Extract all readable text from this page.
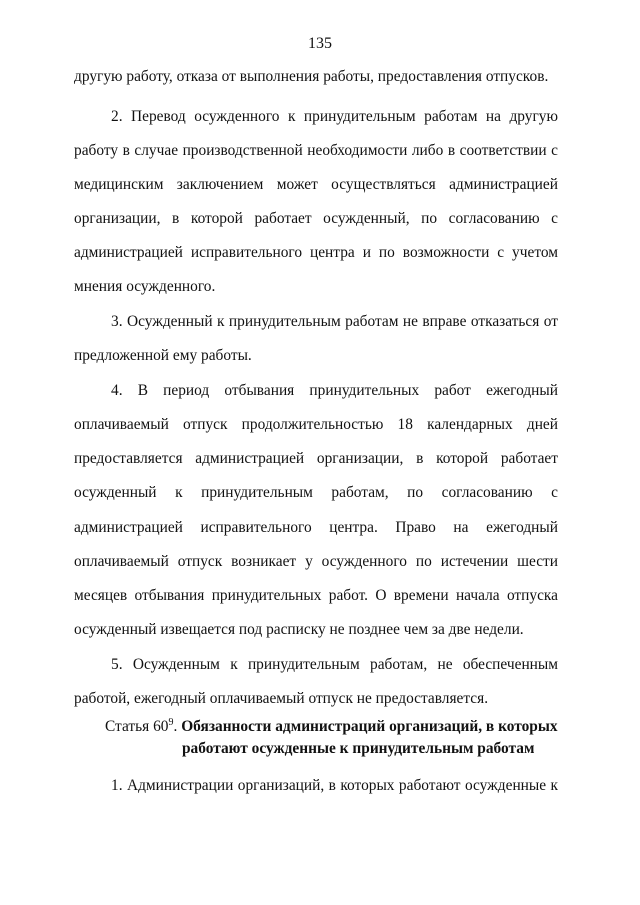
135
другую работу, отказа от выполнения работы, предоставления отпусков.
2. Перевод осужденного к принудительным работам на другую
работу в случае производственной необходимости либо в соответствии с
медицинским заключением может осуществляться администрацией
организации, в которой работает осужденный, по согласованию с
администрацией исправительного центра и по возможности с учетом
мнения осужденного.
3. Осужденный к принудительным работам не вправе отказаться от
предложенной ему работы.
4. В период отбывания принудительных работ ежегодный
оплачиваемый отпуск продолжительностью 18 календарных дней
предоставляется администрацией организации, в которой работает
осужденный к принудительным работам, по согласованию с
администрацией исправительного центра. Право на ежегодный
оплачиваемый отпуск возникает у осужденного по истечении шести
месяцев отбывания принудительных работ. О времени начала отпуска
осужденный извещается под расписку не позднее чем за две недели.
5. Осужденным к принудительным работам, не обеспеченным
работой, ежегодный оплачиваемый отпуск не предоставляется.
Статья $60^9$. Обязанности администраций организаций, в которых
работают осужденные к принудительным работам
1. Администрации организаций, в которых работают осужденные к
